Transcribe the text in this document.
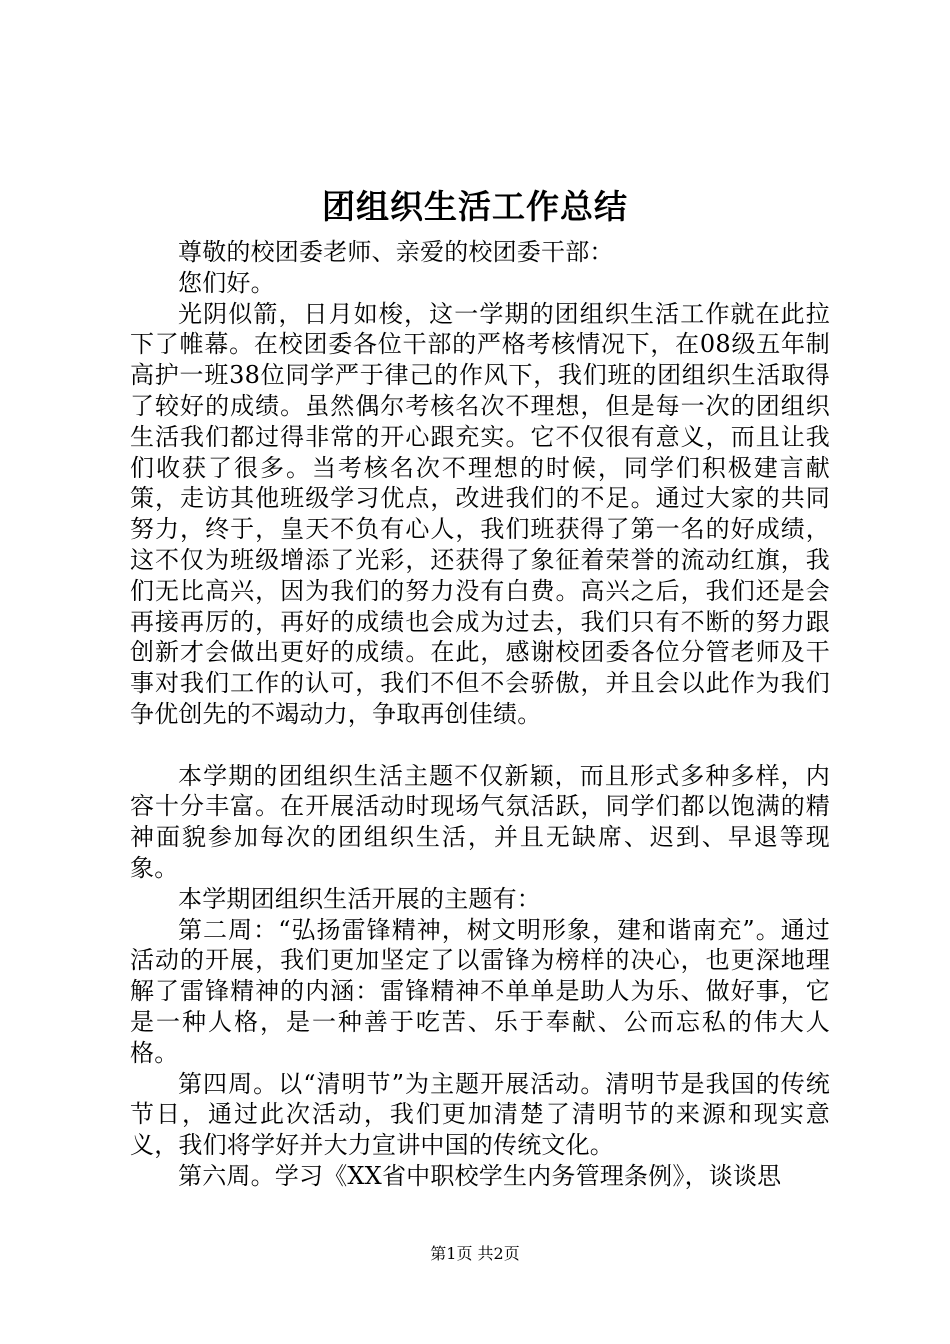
团组织生活工作总结

尊敬的校团委老师、亲爱的校团委干部：

您们好。

光阴似箭，日月如梭，这一学期的团组织生活工作就在此拉下了帷幕。在校团委各位干部的严格考核情况下，在08级五年制高护一班38位同学严于律己的作风下，我们班的团组织生活取得了较好的成绩。虽然偶尔考核名次不理想，但是每一次的团组织生活我们都过得非常的开心跟充实。它不仅很有意义，而且让我们收获了很多。当考核名次不理想的时候，同学们积极建言献策，走访其他班级学习优点，改进我们的不足。通过大家的共同努力，终于，皇天不负有心人，我们班获得了第一名的好成绩，这不仅为班级增添了光彩，还获得了象征着荣誉的流动红旗，我们无比高兴，因为我们的努力没有白费。高兴之后，我们还是会再接再厉的，再好的成绩也会成为过去，我们只有不断的努力跟创新才会做出更好的成绩。在此，感谢校团委各位分管老师及干事对我们工作的认可，我们不但不会骄傲，并且会以此作为我们争优创先的不竭动力，争取再创佳绩。

本学期的团组织生活主题不仅新颖，而且形式多种多样，内容十分丰富。在开展活动时现场气氛活跃，同学们都以饱满的精神面貌参加每次的团组织生活，并且无缺席、迟到、早退等现象。

本学期团组织生活开展的主题有：

第二周：“弘扬雷锋精神，树文明形象，建和谐南充”。通过活动的开展，我们更加坚定了以雷锋为榜样的决心，也更深地理解了雷锋精神的内涵：雷锋精神不单单是助人为乐、做好事，它是一种人格，是一种善于吃苦、乐于奉献、公而忘私的伟大人格。

第四周。以“清明节”为主题开展活动。清明节是我国的传统节日，通过此次活动，我们更加清楚了清明节的来源和现实意义，我们将学好并大力宣讲中国的传统文化。

第六周。学习《XX省中职校学生内务管理条例》，谈谈思

第1页 共2页
